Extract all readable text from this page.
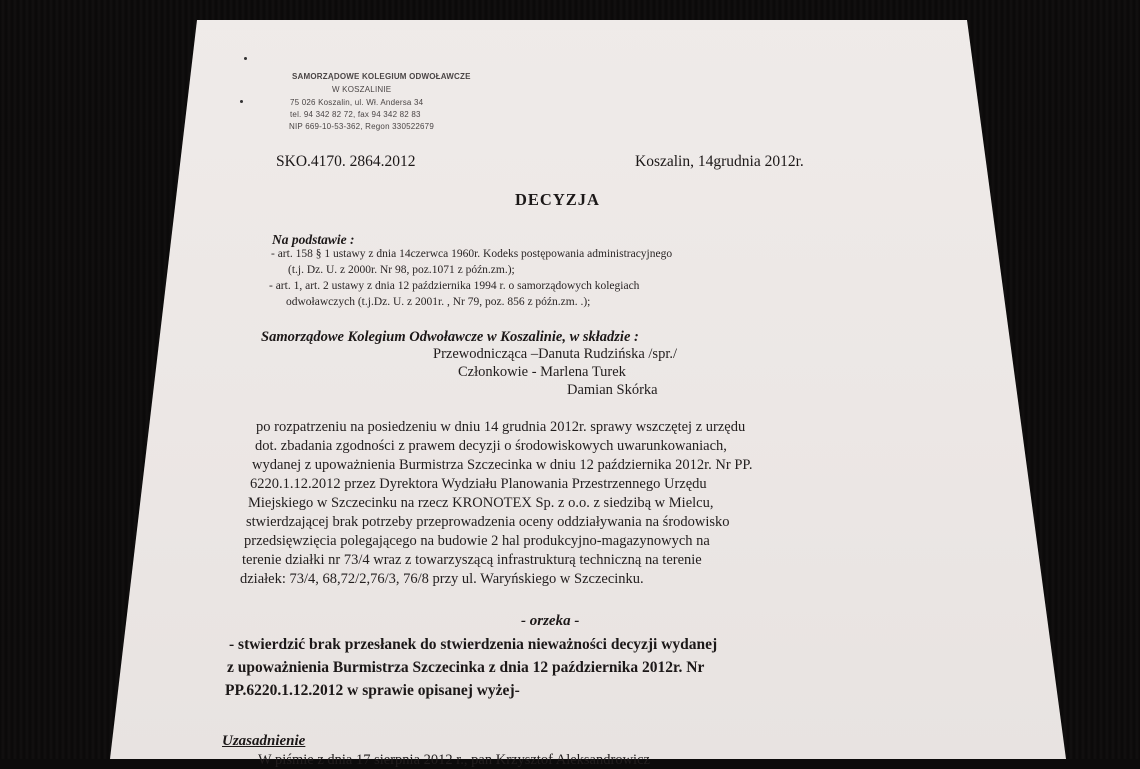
SAMORZĄDOWE KOLEGIUM ODWOŁAWCZE
W KOSZALINIE
75 026 Koszalin, ul. Wł. Andersa 34
tel. 94 342 82 72, fax 94 342 82 83
NIP 669-10-53-362, Regon 330522679
SKO.4170. 2864.2012	Koszalin, 14grudnia 2012r.
DECYZJA
Na podstawie :
- art. 158 § 1 ustawy z dnia 14czerwca 1960r. Kodeks postępowania administracyjnego
(t.j. Dz. U. z 2000r. Nr 98, poz.1071 z późn.zm.);
- art. 1, art. 2 ustawy z dnia 12 października 1994 r. o samorządowych kolegiach
odwoławczych (t.j.Dz. U. z 2001r. , Nr 79, poz. 856 z późn.zm. .);
Samorządowe Kolegium Odwoławcze w Koszalinie, w składzie :
Przewodnicząca –Danuta Rudzińska /spr./
Członkowie - Marlena Turek
Damian Skórka
po rozpatrzeniu na posiedzeniu w dniu 14 grudnia 2012r. sprawy wszczętej z urzędu
dot. zbadania zgodności z prawem decyzji o środowiskowych uwarunkowaniach,
wydanej z upoważnienia Burmistrza Szczecinka w dniu 12 października 2012r. Nr PP.
6220.1.12.2012 przez Dyrektora Wydziału Planowania Przestrzennego Urzędu
Miejskiego w Szczecinku na rzecz KRONOTEX Sp. z o.o. z siedzibą w Mielcu,
stwierdzającej brak potrzeby przeprowadzenia oceny oddziaływania na środowisko
przedsięwzięcia polegającego na budowie 2 hal produkcyjno-magazynowych na
terenie działki nr 73/4 wraz z towarzyszącą infrastrukturą techniczną na terenie
działek: 73/4, 68,72/2,76/3, 76/8 przy ul. Waryńskiego w Szczecinku.
- orzeka -
- stwierdzić brak przesłanek do stwierdzenia nieważności decyzji wydanej
z upoważnienia Burmistrza Szczecinka z dnia 12 października 2012r. Nr
PP.6220.1.12.2012 w sprawie opisanej wyżej-
Uzasadnienie
W piśmie z dnia 17 sierpnia 2012 r., pan Krzysztof Aleksandrowicz
